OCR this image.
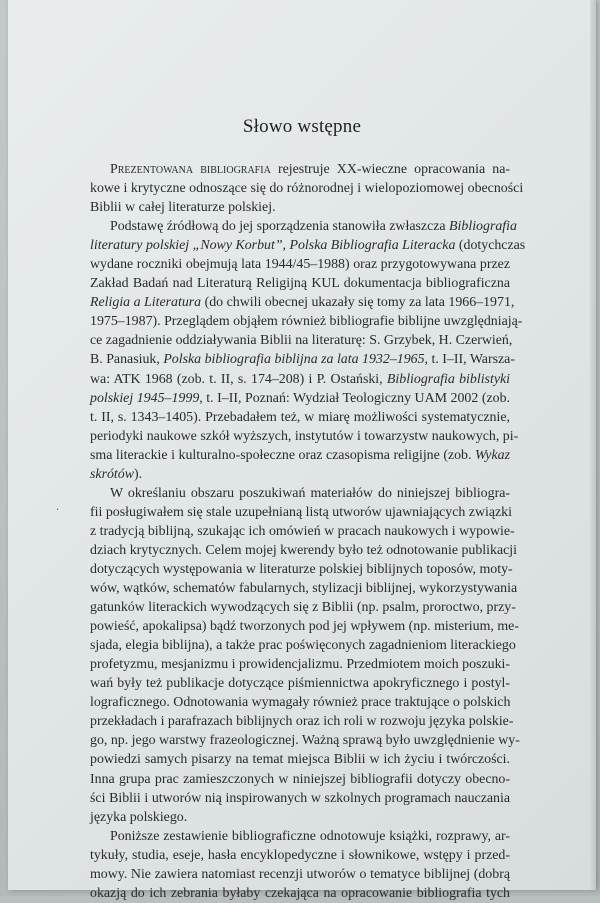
Słowo wstępne
·
Prezentowana bibliografia rejestruje XX-wieczne opracowania na-
kowe i krytyczne odnoszące się do różnorodnej i wielopoziomowej obecności
Biblii w całej literaturze polskiej.
Podstawę źródłową do jej sporządzenia stanowiła zwłaszcza Bibliografia
literatury polskiej „Nowy Korbut”, Polska Bibliografia Literacka (dotychczas
wydane roczniki obejmują lata 1944/45–1988) oraz przygotowywana przez
Zakład Badań nad Literaturą Religijną KUL dokumentacja bibliograficzna
Religia a Literatura (do chwili obecnej ukazały się tomy za lata 1966–1971,
1975–1987). Przeglądem objąłem również bibliografie biblijne uwzględniają-
ce zagadnienie oddziaływania Biblii na literaturę: S. Grzybek, H. Czerwień,
B. Panasiuk, Polska bibliografia biblijna za lata 1932–1965, t. I–II, Warsza-
wa: ATK 1968 (zob. t. II, s. 174–208) i P. Ostański, Bibliografia biblistyki
polskiej 1945–1999, t. I–II, Poznań: Wydział Teologiczny UAM 2002 (zob.
t. II, s. 1343–1405). Przebadałem też, w miarę możliwości systematycznie,
periodyki naukowe szkół wyższych, instytutów i towarzystw naukowych, pi-
sma literackie i kulturalno-społeczne oraz czasopisma religijne (zob. Wykaz
skrótów).
W określaniu obszaru poszukiwań materiałów do niniejszej bibliogra-
fii posługiwałem się stale uzupełnianą listą utworów ujawniających związki
z tradycją biblijną, szukając ich omówień w pracach naukowych i wypowie-
dziach krytycznych. Celem mojej kwerendy było też odnotowanie publikacji
dotyczących występowania w literaturze polskiej biblijnych toposów, moty-
wów, wątków, schematów fabularnych, stylizacji biblijnej, wykorzystywania
gatunków literackich wywodzących się z Biblii (np. psalm, proroctwo, przy-
powieść, apokalipsa) bądź tworzonych pod jej wpływem (np. misterium, me-
sjada, elegia biblijna), a także prac poświęconych zagadnieniom literackiego
profetyzmu, mesjanizmu i prowidencjalizmu. Przedmiotem moich poszuki-
wań były też publikacje dotyczące piśmiennictwa apokryficznego i postyl-
lograficznego. Odnotowania wymagały również prace traktujące o polskich
przekładach i parafrazach biblijnych oraz ich roli w rozwoju języka polskie-
go, np. jego warstwy frazeologicznej. Ważną sprawą było uwzględnienie wy-
powiedzi samych pisarzy na temat miejsca Biblii w ich życiu i twórczości.
Inna grupa prac zamieszczonych w niniejszej bibliografii dotyczy obecno-
ści Biblii i utworów nią inspirowanych w szkolnych programach nauczania
języka polskiego.
Poniższe zestawienie bibliograficzne odnotowuje książki, rozprawy, ar-
tykuły, studia, eseje, hasła encyklopedyczne i słownikowe, wstępy i przed-
mowy. Nie zawiera natomiast recenzji utworów o tematyce biblijnej (dobrą
okazją do ich zebrania byłaby czekająca na opracowanie bibliografia tych
